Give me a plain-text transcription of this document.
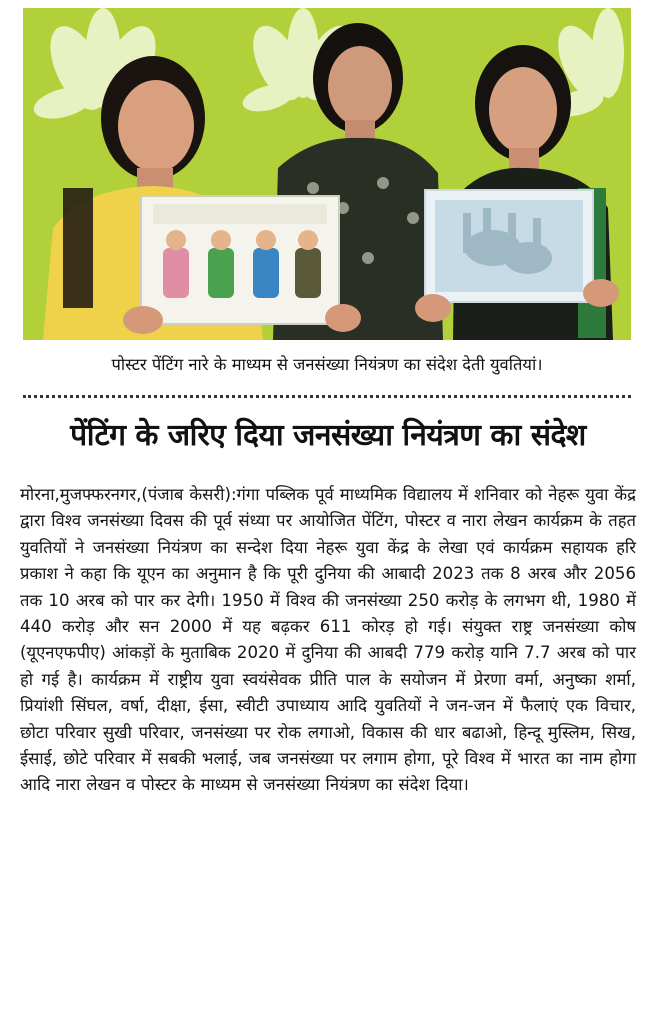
पोस्टर पेंटिंग नारे के माध्यम से जनसंख्या नियंत्रण का संदेश देती युवतियां।
पेंटिंग के जरिए दिया जनसंख्या नियंत्रण का संदेश
मोरना,मुजफ्फरनगर,(पंजाब केसरी):गंगा पब्लिक पूर्व माध्यमिक विद्यालय में शनिवार को नेहरू युवा केंद्र द्वारा विश्व जनसंख्या दिवस की पूर्व संध्या पर आयोजित पेंटिंग, पोस्टर व नारा लेखन कार्यक्रम के तहत युवतियों ने जनसंख्या नियंत्रण का सन्देश दिया नेहरू युवा केंद्र के लेखा एवं कार्यक्रम सहायक हरि प्रकाश ने कहा कि यूएन का अनुमान है कि पूरी दुनिया की आबादी 2023 तक 8 अरब और 2056 तक 10 अरब को पार कर देगी। 1950 में विश्व की जनसंख्या 250 करोड़ के लगभग थी, 1980 में 440 करोड़ और सन 2000 में यह बढ़कर 611 कोरड़ हो गई। संयुक्त राष्ट्र जनसंख्या कोष (यूएनएफपीए) आंकड़ों के मुताबिक 2020 में दुनिया की आबदी 779 करोड़ यानि 7.7 अरब को पार हो गई है। कार्यक्रम में राष्ट्रीय युवा स्वयंसेवक प्रीति पाल के सयोजन में प्रेरणा वर्मा, अनुष्का शर्मा, प्रियांशी सिंघल, वर्षा, दीक्षा, ईसा, स्वीटी उपाध्याय आदि युवतियों ने जन-जन में फैलाएं एक विचार, छोटा परिवार सुखी परिवार, जनसंख्या पर रोक लगाओ, विकास की धार बढाओ, हिन्दू मुस्लिम, सिख, ईसाई, छोटे परिवार में सबकी भलाई, जब जनसंख्या पर लगाम होगा, पूरे विश्व में भारत का नाम होगा आदि नारा लेखन व पोस्टर के माध्यम से जनसंख्या नियंत्रण का संदेश दिया।
